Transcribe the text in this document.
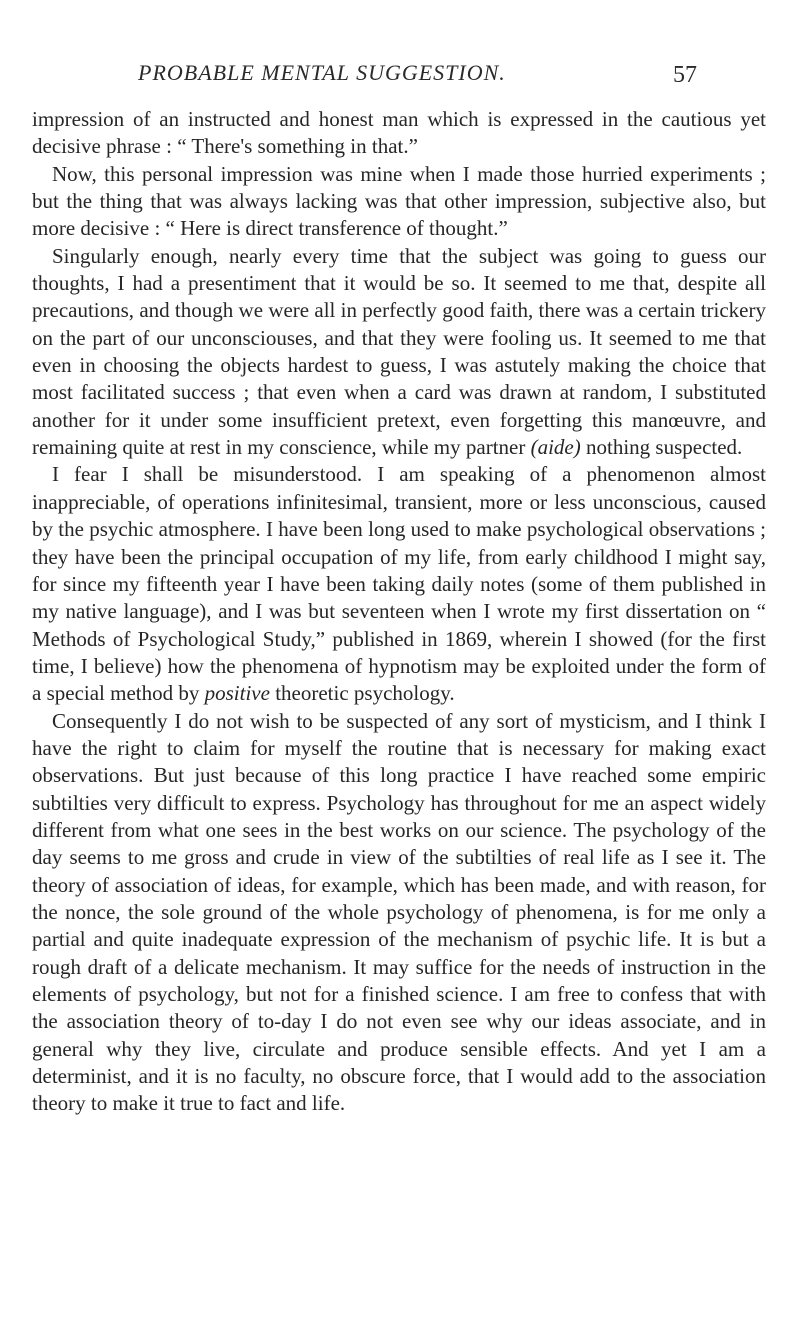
PROBABLE MENTAL SUGGESTION.	57

impression of an instructed and honest man which is expressed in the cautious yet decisive phrase : “ There's something in that.”

Now, this personal impression was mine when I made those hurried experiments ; but the thing that was always lacking was that other impression, subjective also, but more decisive : “ Here is direct transference of thought.”

Singularly enough, nearly every time that the subject was going to guess our thoughts, I had a presentiment that it would be so. It seemed to me that, despite all precautions, and though we were all in perfectly good faith, there was a certain trickery on the part of our unconsciouses, and that they were fooling us. It seemed to me that even in choosing the objects hardest to guess, I was astutely making the choice that most facilitated success ; that even when a card was drawn at random, I substituted another for it under some insufficient pretext, even forgetting this manœuvre, and remaining quite at rest in my conscience, while my partner (aide) nothing suspected.

I fear I shall be misunderstood. I am speaking of a phenomenon almost inappreciable, of operations infinitesimal, transient, more or less unconscious, caused by the psychic atmosphere. I have been long used to make psychological observations ; they have been the principal occupation of my life, from early childhood I might say, for since my fifteenth year I have been taking daily notes (some of them published in my native language), and I was but seventeen when I wrote my first dissertation on “ Methods of Psychological Study,” published in 1869, wherein I showed (for the first time, I believe) how the phenomena of hypnotism may be exploited under the form of a special method by positive theoretic psychology.

Consequently I do not wish to be suspected of any sort of mysticism, and I think I have the right to claim for myself the routine that is necessary for making exact observations. But just because of this long practice I have reached some empiric subtilties very difficult to express. Psychology has throughout for me an aspect widely different from what one sees in the best works on our science. The psychology of the day seems to me gross and crude in view of the subtilties of real life as I see it. The theory of association of ideas, for example, which has been made, and with reason, for the nonce, the sole ground of the whole psychology of phenomena, is for me only a partial and quite inadequate expression of the mechanism of psychic life. It is but a rough draft of a delicate mechanism. It may suffice for the needs of instruction in the elements of psychology, but not for a finished science. I am free to confess that with the association theory of to-day I do not even see why our ideas associate, and in general why they live, circulate and produce sensible effects. And yet I am a determinist, and it is no faculty, no obscure force, that I would add to the association theory to make it true to fact and life.
